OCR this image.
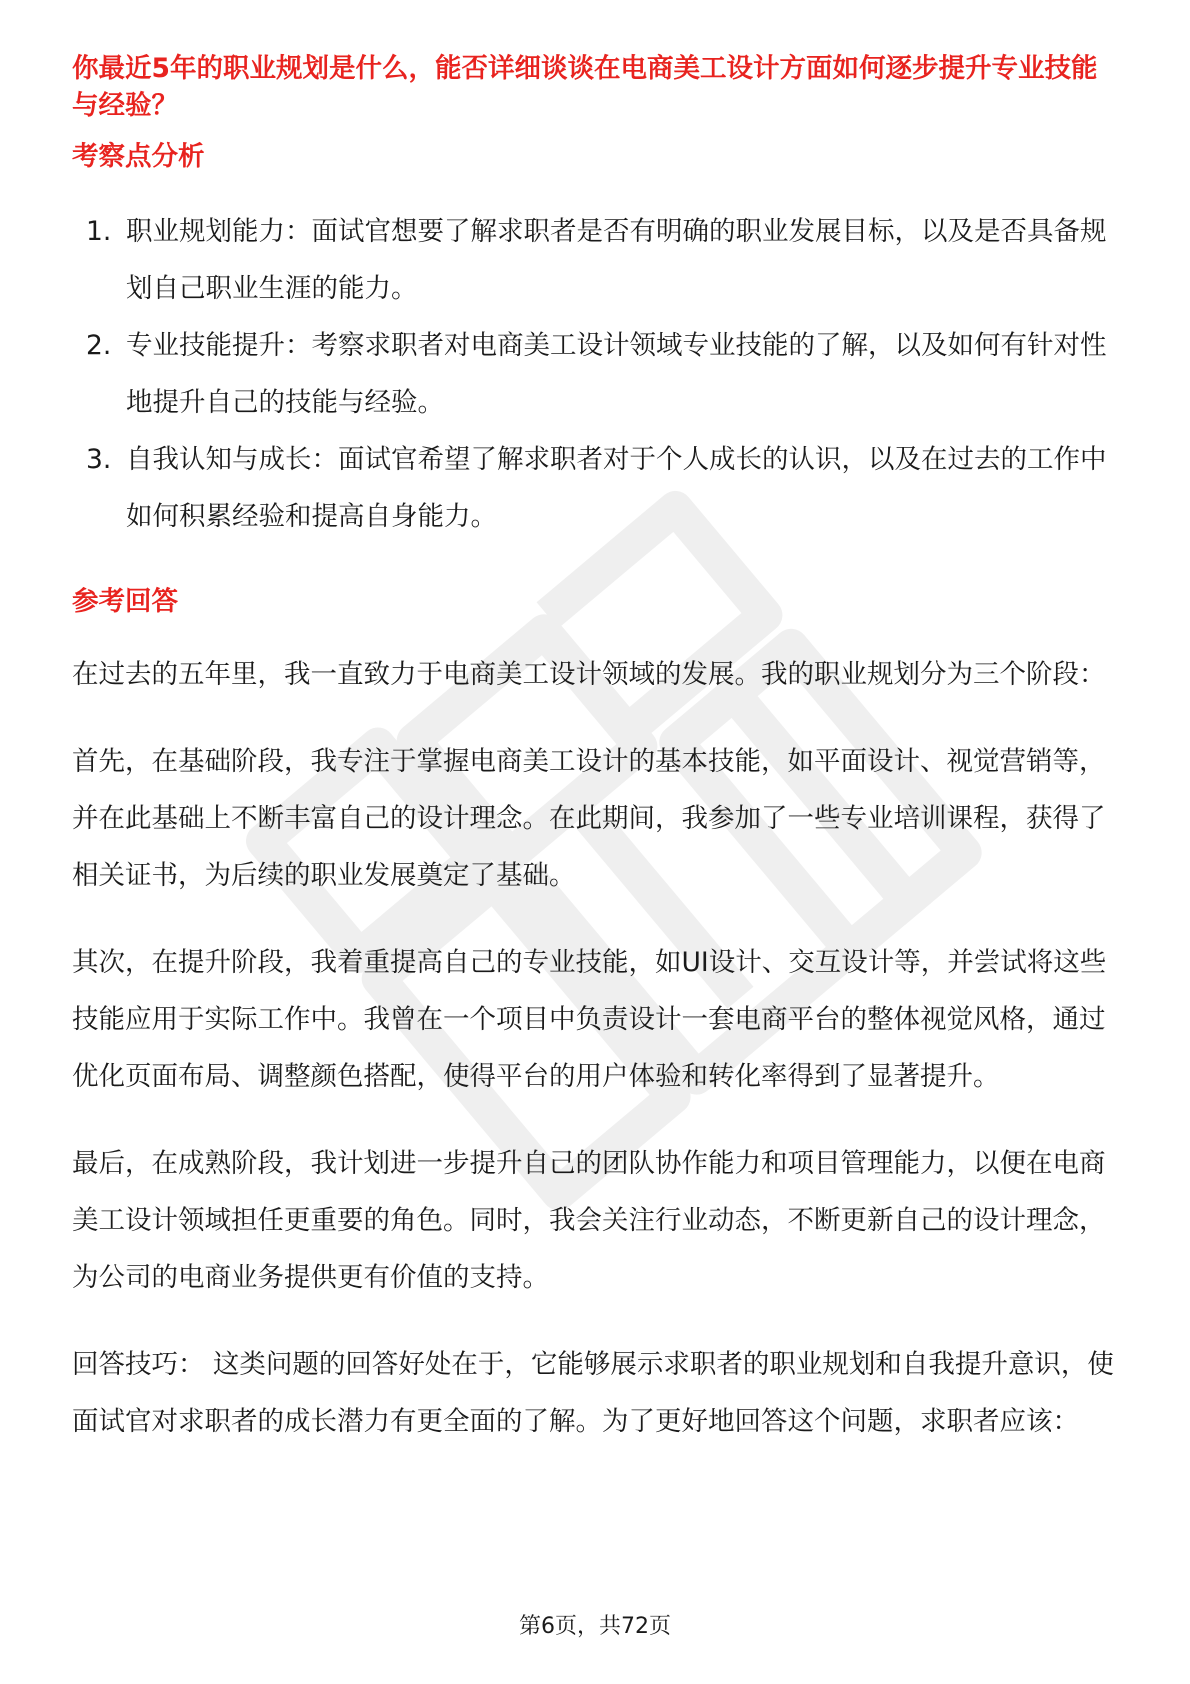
你最近5年的职业规划是什么，能否详细谈谈在电商美工设计方面如何逐步提升专业技能与经验？

考察点分析

1. 职业规划能力：面试官想要了解求职者是否有明确的职业发展目标，以及是否具备规划自己职业生涯的能力。
2. 专业技能提升：考察求职者对电商美工设计领域专业技能的了解，以及如何有针对性地提升自己的技能与经验。
3. 自我认知与成长：面试官希望了解求职者对于个人成长的认识，以及在过去的工作中如何积累经验和提高自身能力。

参考回答

在过去的五年里，我一直致力于电商美工设计领域的发展。我的职业规划分为三个阶段：

首先，在基础阶段，我专注于掌握电商美工设计的基本技能，如平面设计、视觉营销等，并在此基础上不断丰富自己的设计理念。在此期间，我参加了一些专业培训课程，获得了相关证书，为后续的职业发展奠定了基础。

其次，在提升阶段，我着重提高自己的专业技能，如UI设计、交互设计等，并尝试将这些技能应用于实际工作中。我曾在一个项目中负责设计一套电商平台的整体视觉风格，通过优化页面布局、调整颜色搭配，使得平台的用户体验和转化率得到了显著提升。

最后，在成熟阶段，我计划进一步提升自己的团队协作能力和项目管理能力，以便在电商美工设计领域担任更重要的角色。同时，我会关注行业动态，不断更新自己的设计理念，为公司的电商业务提供更有价值的支持。

回答技巧： 这类问题的回答好处在于，它能够展示求职者的职业规划和自我提升意识，使面试官对求职者的成长潜力有更全面的了解。为了更好地回答这个问题，求职者应该：

第6页，共72页
